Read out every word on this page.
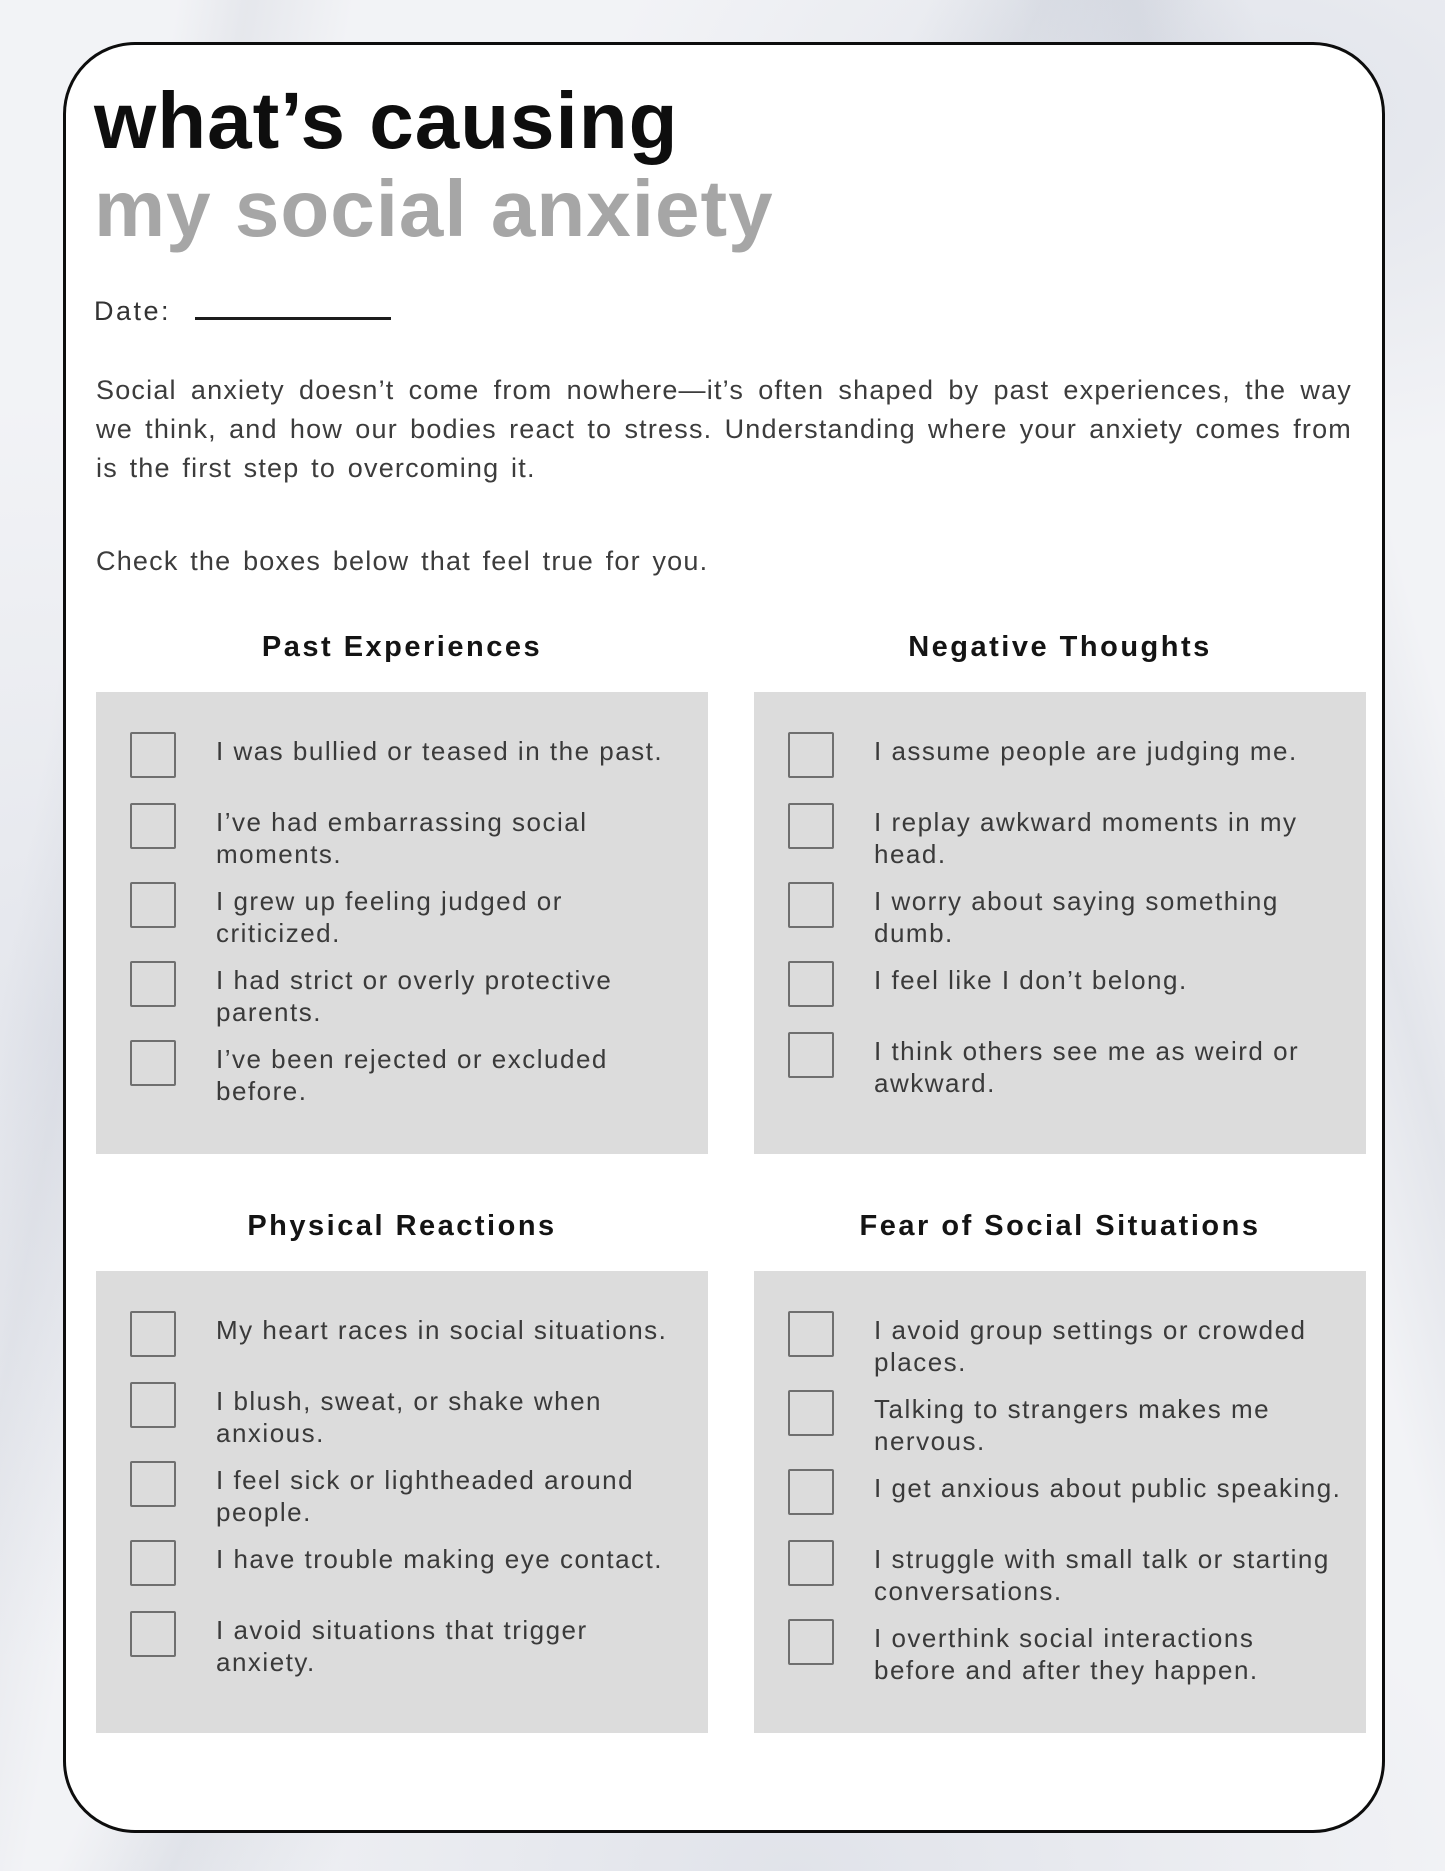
what’s causing
my social anxiety
Date:

Social anxiety doesn’t come from nowhere—it’s often shaped by past experiences, the way we think, and how our bodies react to stress. Understanding where your anxiety comes from is the first step to overcoming it.

Check the boxes below that feel true for you.

Past Experiences
I was bullied or teased in the past.
I’ve had embarrassing social moments.
I grew up feeling judged or criticized.
I had strict or overly protective parents.
I’ve been rejected or excluded before.
Negative Thoughts
I assume people are judging me.
I replay awkward moments in my head.
I worry about saying something dumb.
I feel like I don’t belong.
I think others see me as weird or awkward.
Physical Reactions
My heart races in social situations.
I blush, sweat, or shake when anxious.
I feel sick or lightheaded around people.
I have trouble making eye contact.
I avoid situations that trigger anxiety.
Fear of Social Situations
I avoid group settings or crowded places.
Talking to strangers makes me nervous.
I get anxious about public speaking.
I struggle with small talk or starting conversations.
I overthink social interactions before and after they happen.
